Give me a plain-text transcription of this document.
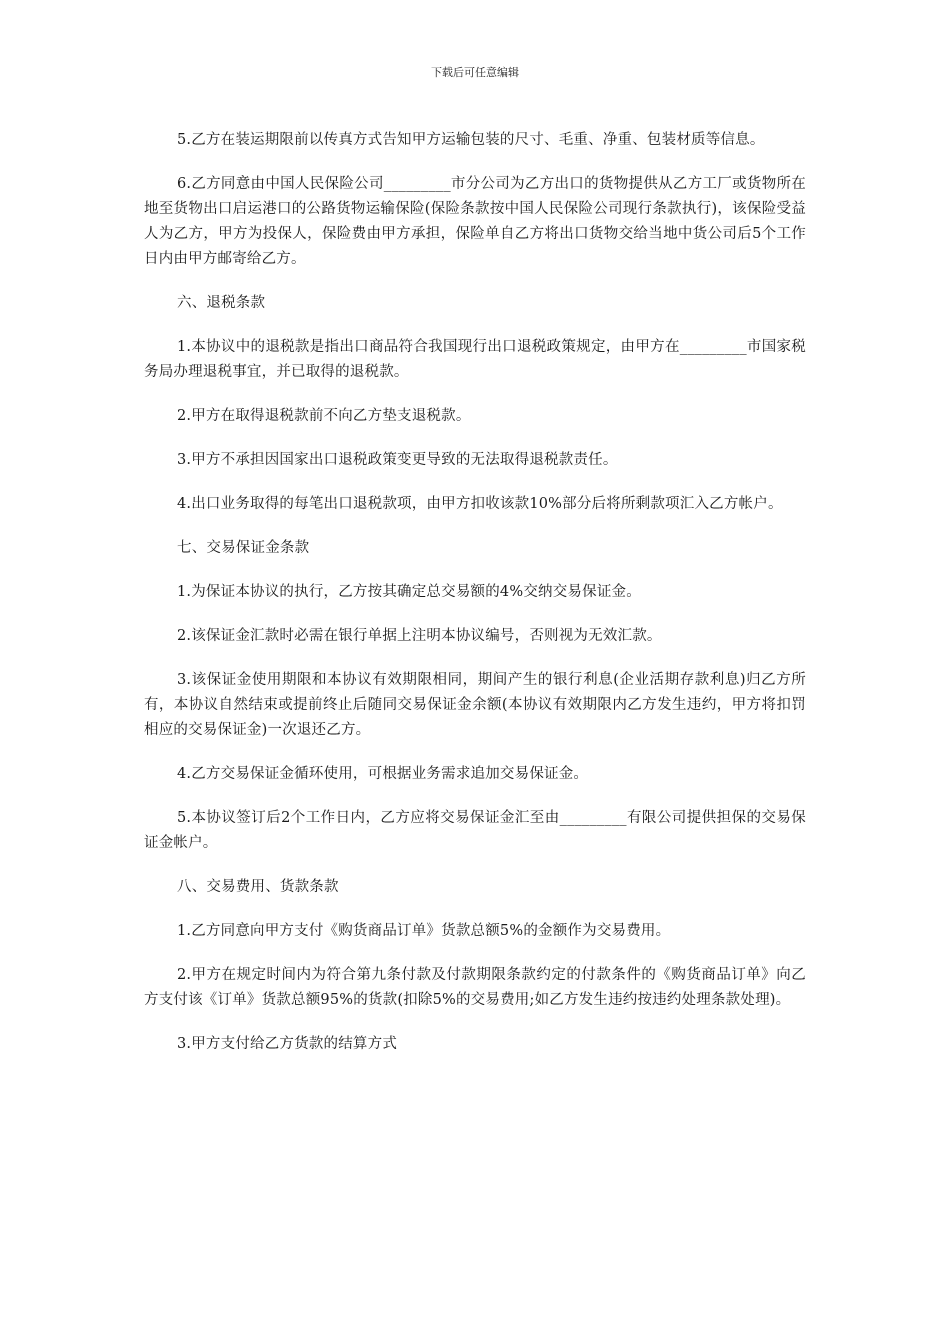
下载后可任意编辑

5.乙方在装运期限前以传真方式告知甲方运输包装的尺寸、毛重、净重、包装材质等信息。

6.乙方同意由中国人民保险公司_________市分公司为乙方出口的货物提供从乙方工厂或货物所在地至货物出口启运港口的公路货物运输保险(保险条款按中国人民保险公司现行条款执行)，该保险受益人为乙方，甲方为投保人，保险费由甲方承担，保险单自乙方将出口货物交给当地中货公司后5个工作日内由甲方邮寄给乙方。

六、退税条款

1.本协议中的退税款是指出口商品符合我国现行出口退税政策规定，由甲方在_________市国家税务局办理退税事宜，并已取得的退税款。

2.甲方在取得退税款前不向乙方垫支退税款。

3.甲方不承担因国家出口退税政策变更导致的无法取得退税款责任。

4.出口业务取得的每笔出口退税款项，由甲方扣收该款10%部分后将所剩款项汇入乙方帐户。

七、交易保证金条款

1.为保证本协议的执行，乙方按其确定总交易额的4%交纳交易保证金。

2.该保证金汇款时必需在银行单据上注明本协议编号，否则视为无效汇款。

3.该保证金使用期限和本协议有效期限相同，期间产生的银行利息(企业活期存款利息)归乙方所有，本协议自然结束或提前终止后随同交易保证金余额(本协议有效期限内乙方发生违约，甲方将扣罚相应的交易保证金)一次退还乙方。

4.乙方交易保证金循环使用，可根据业务需求追加交易保证金。

5.本协议签订后2个工作日内，乙方应将交易保证金汇至由_________有限公司提供担保的交易保证金帐户。

八、交易费用、货款条款

1.乙方同意向甲方支付《购货商品订单》货款总额5%的金额作为交易费用。

2.甲方在规定时间内为符合第九条付款及付款期限条款约定的付款条件的《购货商品订单》向乙方支付该《订单》货款总额95%的货款(扣除5%的交易费用;如乙方发生违约按违约处理条款处理)。

3.甲方支付给乙方货款的结算方式
